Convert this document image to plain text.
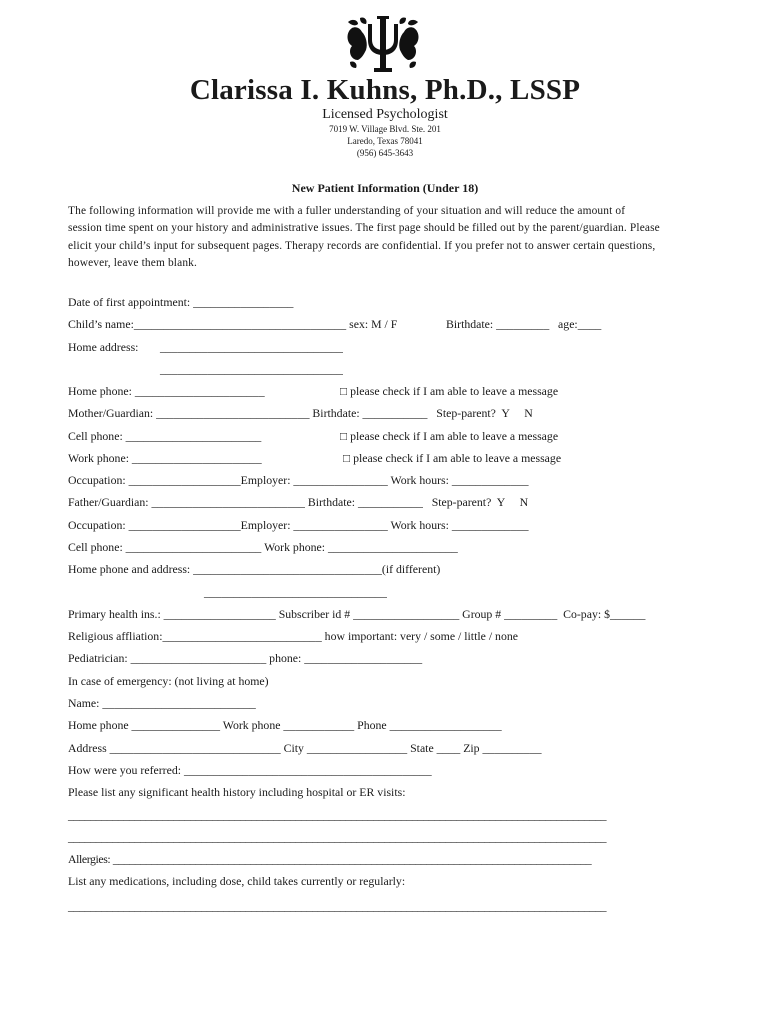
Clarissa I. Kuhns, Ph.D., LSSP
Licensed Psychologist
7019 W. Village Blvd. Ste. 201
Laredo, Texas 78041
(956) 645-3643
New Patient Information (Under 18)
The following information will provide me with a fuller understanding of your situation and will reduce the amount of
session time spent on your history and administrative issues. The first page should be filled out by the parent/guardian. Please
elicit your child’s input for subsequent pages. Therapy records are confidential. If you prefer not to answer certain questions,
however, leave them blank.
Date of first appointment: _________________
Child’s name:____________________________________ sex: M / F	Birthdate: _________   age:____
Home address: _______________________________
_______________________________
Home phone: ______________________	□ please check if I am able to leave a message
Mother/Guardian: __________________________ Birthdate: ___________   Step-parent?  Y     N
Cell phone: _______________________	□ please check if I am able to leave a message
Work phone: ______________________	□ please check if I am able to leave a message
Occupation: ___________________Employer: ________________ Work hours: _____________
Father/Guardian: __________________________ Birthdate: ___________   Step-parent?  Y     N
Occupation: ___________________Employer: ________________ Work hours: _____________
Cell phone: _______________________ Work phone: ______________________
Home phone and address: ________________________________(if different)
_______________________________
Primary health ins.: ___________________ Subscriber id # __________________ Group # _________  Co-pay: $______
Religious affliation:___________________________ how important: very / some / little / none
Pediatrician: _______________________ phone: ____________________
In case of emergency: (not living at home)
Name: __________________________
Home phone _______________ Work phone ____________ Phone ___________________
Address _____________________________ City _________________ State ____ Zip __________
How were you referred: __________________________________________
Please list any significant health history including hospital or ER visits:
_________________________________________________________________________________________________
_________________________________________________________________________________________________
Allergies: _______________________________________________________________________________________
List any medications, including dose, child takes currently or regularly:
_________________________________________________________________________________________________
